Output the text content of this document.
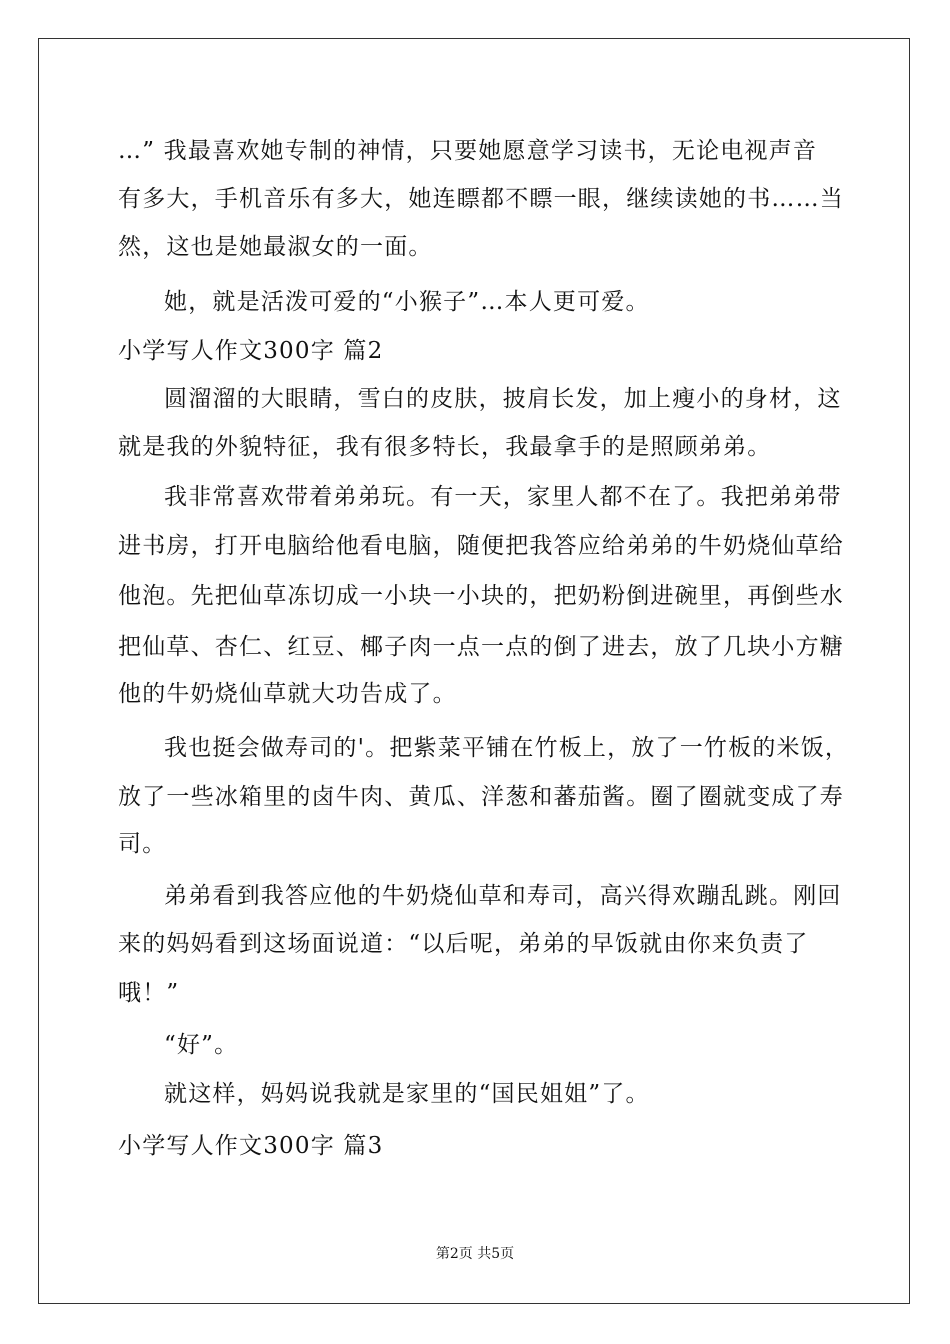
…” 我最喜欢她专制的神情，只要她愿意学习读书，无论电视声音
有多大，手机音乐有多大，她连瞟都不瞟一眼，继续读她的书……当
然，这也是她最淑女的一面。
她，就是活泼可爱的“小猴子”…本人更可爱。
小学写人作文300字 篇2
圆溜溜的大眼睛，雪白的皮肤，披肩长发，加上瘦小的身材，这
就是我的外貌特征，我有很多特长，我最拿手的是照顾弟弟。
我非常喜欢带着弟弟玩。有一天，家里人都不在了。我把弟弟带
进书房，打开电脑给他看电脑，随便把我答应给弟弟的牛奶烧仙草给
他泡。先把仙草冻切成一小块一小块的，把奶粉倒进碗里，再倒些水
把仙草、杏仁、红豆、椰子肉一点一点的倒了进去，放了几块小方糖
他的牛奶烧仙草就大功告成了。
我也挺会做寿司的'。把紫菜平铺在竹板上，放了一竹板的米饭，
放了一些冰箱里的卤牛肉、黄瓜、洋葱和蕃茄酱。圈了圈就变成了寿
司。
弟弟看到我答应他的牛奶烧仙草和寿司，高兴得欢蹦乱跳。刚回
来的妈妈看到这场面说道：“以后呢，弟弟的早饭就由你来负责了
哦！”
“好”。
就这样，妈妈说我就是家里的“国民姐姐”了。
小学写人作文300字 篇3
第2页 共5页
